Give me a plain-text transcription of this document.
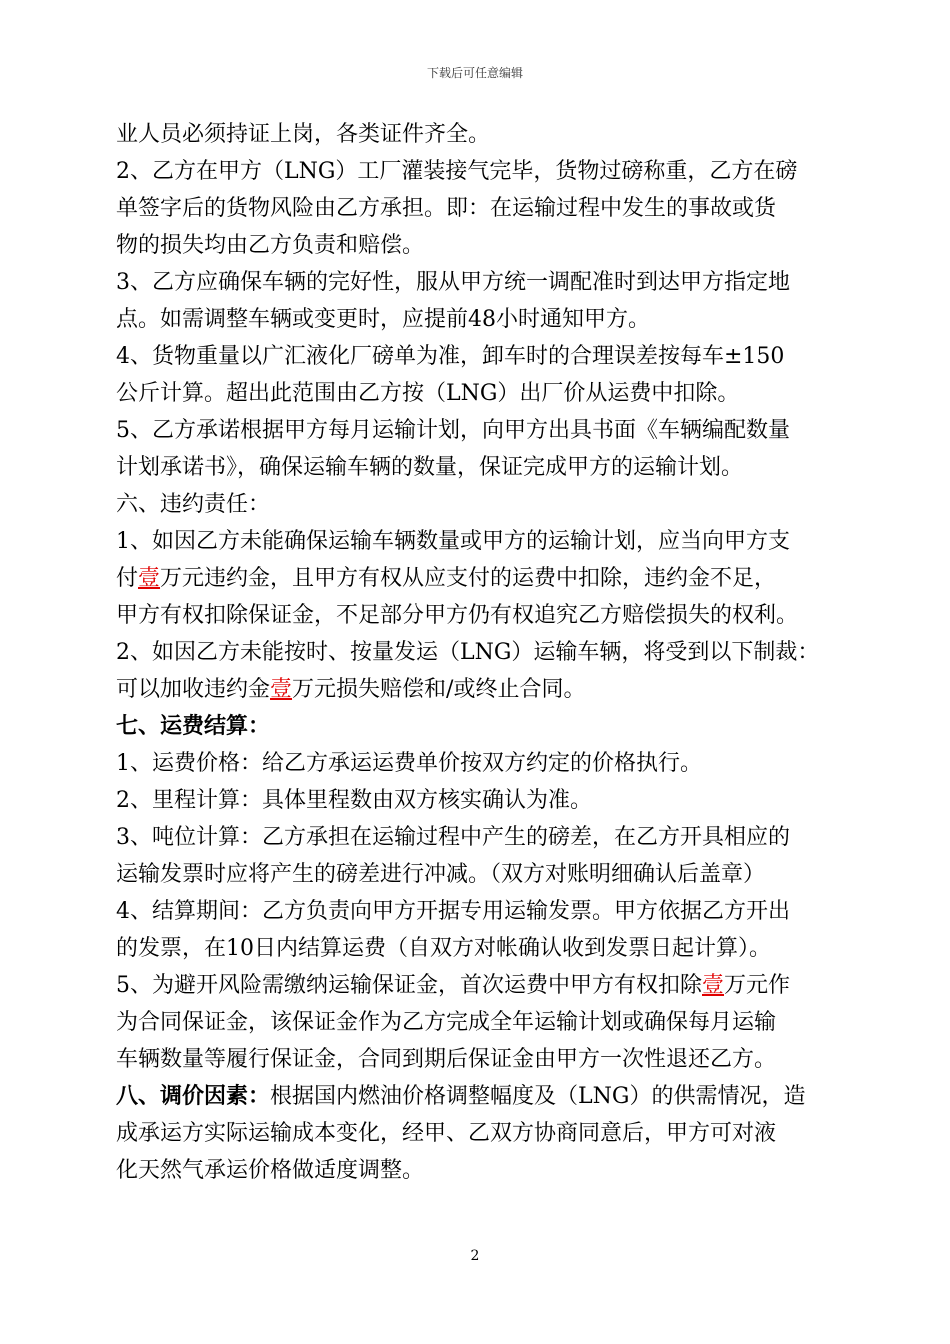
下载后可任意编辑
业人员必须持证上岗，各类证件齐全。
2、乙方在甲方（LNG）工厂灌装接气完毕，货物过磅称重，乙方在磅
单签字后的货物风险由乙方承担。即：在运输过程中发生的事故或货
物的损失均由乙方负责和赔偿。
3、乙方应确保车辆的完好性，服从甲方统一调配准时到达甲方指定地
点。如需调整车辆或变更时，应提前48小时通知甲方。
4、货物重量以广汇液化厂磅单为准，卸车时的合理误差按每车±150
公斤计算。超出此范围由乙方按（LNG）出厂价从运费中扣除。
5、乙方承诺根据甲方每月运输计划，向甲方出具书面《车辆编配数量
计划承诺书》，确保运输车辆的数量，保证完成甲方的运输计划。
六、违约责任：
1、如因乙方未能确保运输车辆数量或甲方的运输计划，应当向甲方支
付壹万元违约金，且甲方有权从应支付的运费中扣除，违约金不足，
甲方有权扣除保证金，不足部分甲方仍有权追究乙方赔偿损失的权利。
2、如因乙方未能按时、按量发运（LNG）运输车辆，将受到以下制裁：
可以加收违约金壹万元损失赔偿和/或终止合同。
七、运费结算：
1、运费价格：给乙方承运运费单价按双方约定的价格执行。
2、里程计算：具体里程数由双方核实确认为准。
3、吨位计算：乙方承担在运输过程中产生的磅差，在乙方开具相应的
运输发票时应将产生的磅差进行冲减。（双方对账明细确认后盖章）
4、结算期间：乙方负责向甲方开据专用运输发票。甲方依据乙方开出
的发票，在10日内结算运费（自双方对帐确认收到发票日起计算）。
5、为避开风险需缴纳运输保证金，首次运费中甲方有权扣除壹万元作
为合同保证金，该保证金作为乙方完成全年运输计划或确保每月运输
车辆数量等履行保证金，合同到期后保证金由甲方一次性退还乙方。
八、调价因素：根据国内燃油价格调整幅度及（LNG）的供需情况，造
成承运方实际运输成本变化，经甲、乙双方协商同意后，甲方可对液
化天然气承运价格做适度调整。
2
